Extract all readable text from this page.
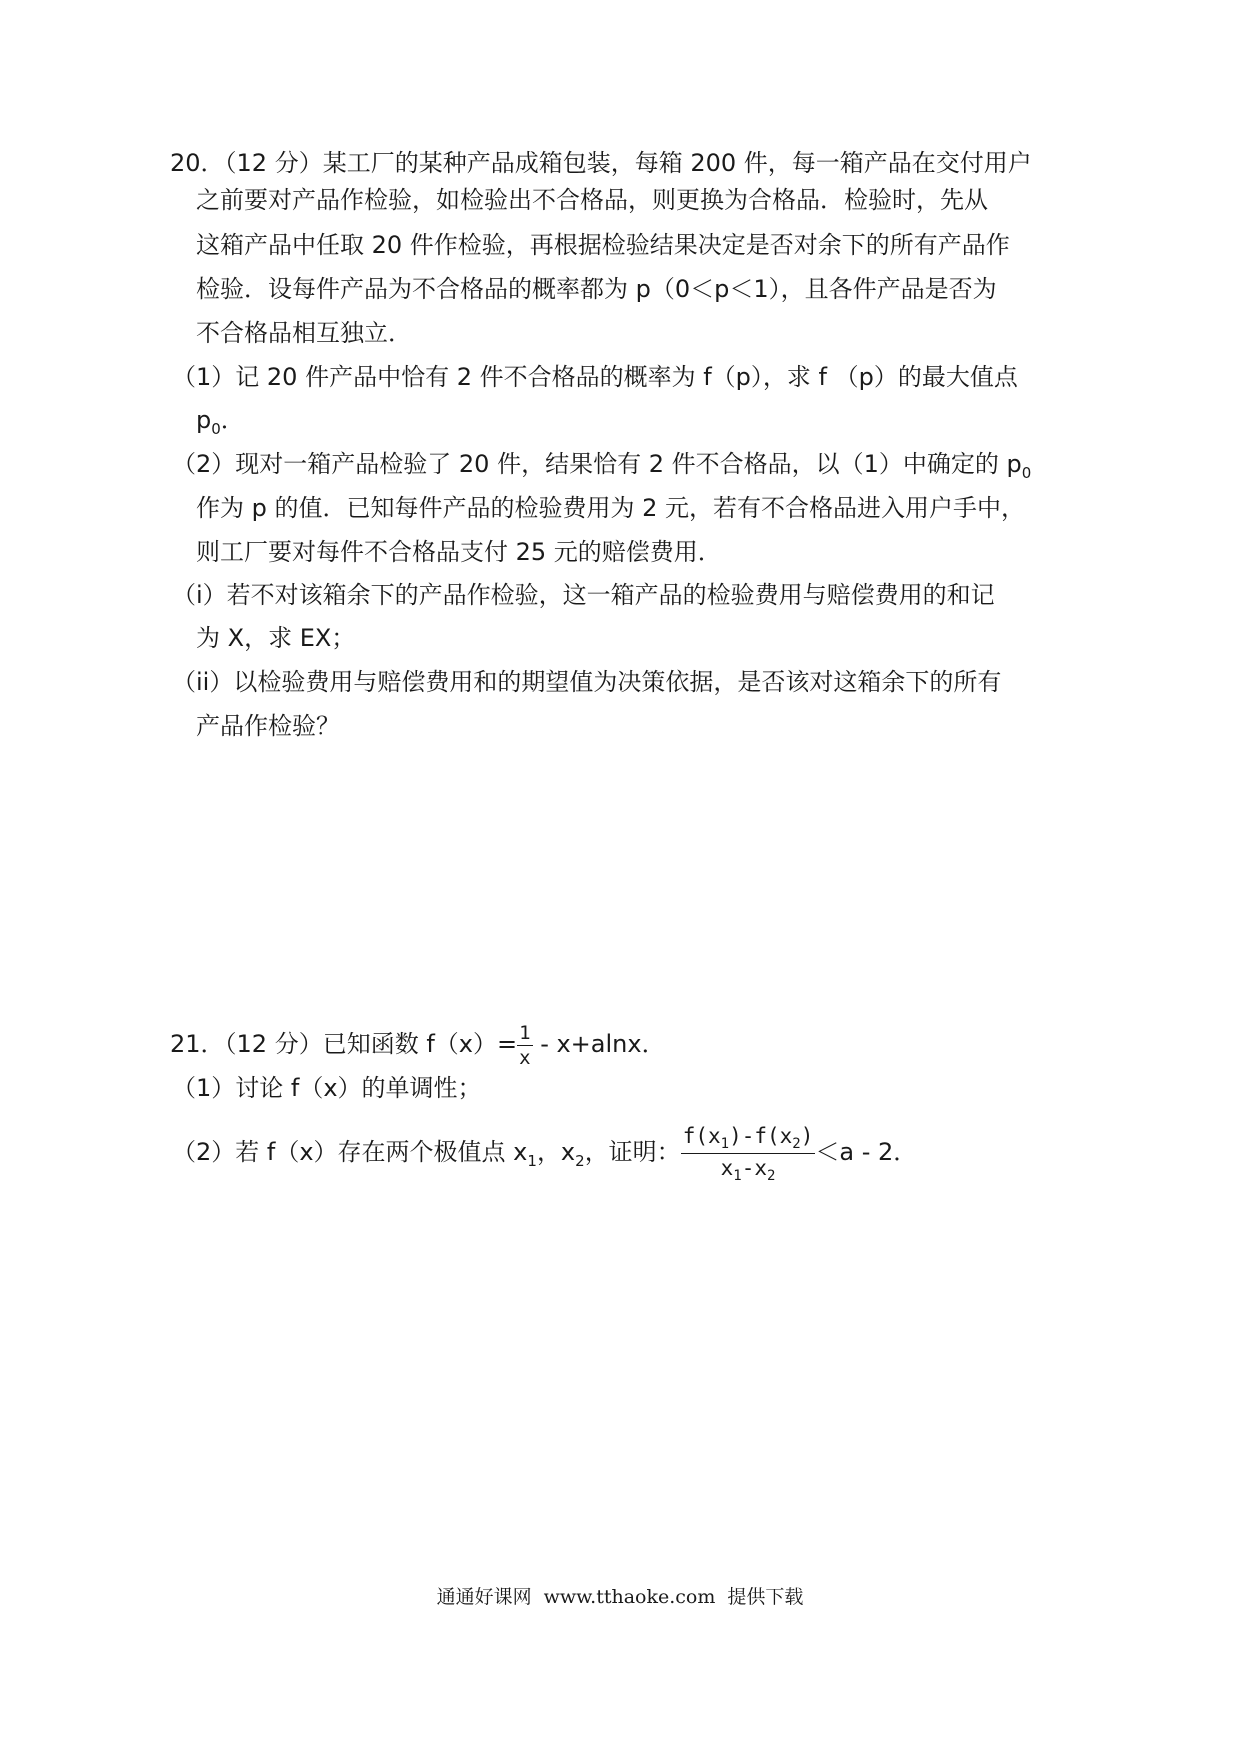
20．（12 分）某工厂的某种产品成箱包装，每箱 200 件，每一箱产品在交付用户
之前要对产品作检验，如检验出不合格品，则更换为合格品．检验时，先从
这箱产品中任取 20 件作检验，再根据检验结果决定是否对余下的所有产品作
检验．设每件产品为不合格品的概率都为 p（0＜p＜1），且各件产品是否为
不合格品相互独立．
（1）记 20 件产品中恰有 2 件不合格品的概率为 f（p），求 f （p）的最大值点
$p_0$．
（2）现对一箱产品检验了 20 件，结果恰有 2 件不合格品，以（1）中确定的 $p_0$
作为 p 的值．已知每件产品的检验费用为 2 元，若有不合格品进入用户手中，
则工厂要对每件不合格品支付 25 元的赔偿费用．
（i）若不对该箱余下的产品作检验，这一箱产品的检验费用与赔偿费用的和记
为 X，求 EX；
（ii）以检验费用与赔偿费用和的期望值为决策依据，是否该对这箱余下的所有
产品作检验？
21．（12 分）已知函数 $f(x)= \frac{1}{x} - x+alnx$．
（1）讨论 f（x）的单调性；
（2）若 f（x）存在两个极值点 $x_1$，$x_2$，证明： $\frac{f(x_1)-f(x_2)}{x_1-x_2} <a - 2$．
通通好课网 www.tthaoke.com 提供下载
